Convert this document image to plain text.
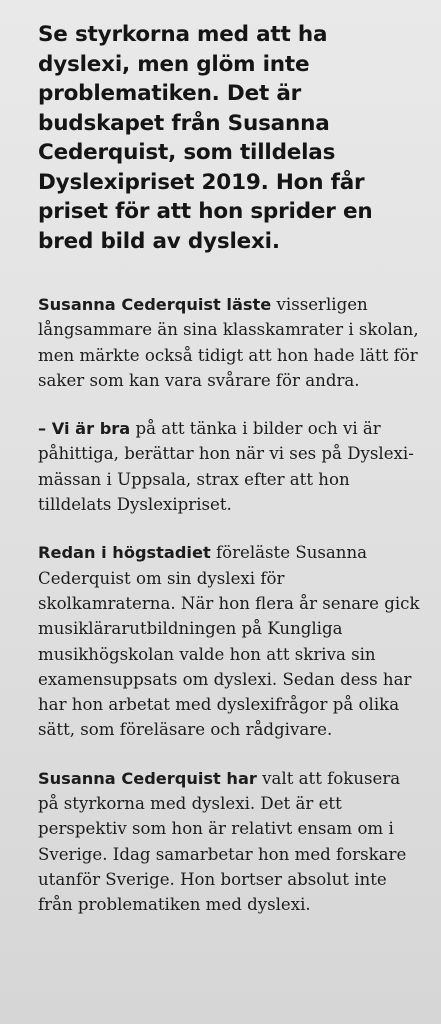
Se styrkorna med att ha dyslexi, men glöm inte problematiken. Det är budskapet från Susanna Cederquist, som tilldelas Dyslexipriset 2019. Hon får priset för att hon sprider en bred bild av dyslexi.

Susanna Cederquist läste visserligen långsammare än sina klasskamrater i skolan, men märkte också tidigt att hon hade lätt för saker som kan vara svårare för andra.

– Vi är bra på att tänka i bilder och vi är påhittiga, berättar hon när vi ses på Dysleximässan i Uppsala, strax efter att hon tilldelats Dyslexipriset.

Redan i högstadiet föreläste Susanna Cederquist om sin dyslexi för skolkamraterna. När hon flera år senare gick musiklärarutbildningen på Kungliga musikhögskolan valde hon att skriva sin examensuppsats om dyslexi. Sedan dess har har hon arbetat med dyslexifrågor på olika sätt, som föreläsare och rådgivare.

Susanna Cederquist har valt att fokusera på styrkorna med dyslexi. Det är ett perspektiv som hon är relativt ensam om i Sverige. Idag samarbetar hon med forskare utanför Sverige. Hon bortser absolut inte från problematiken med dyslexi.
